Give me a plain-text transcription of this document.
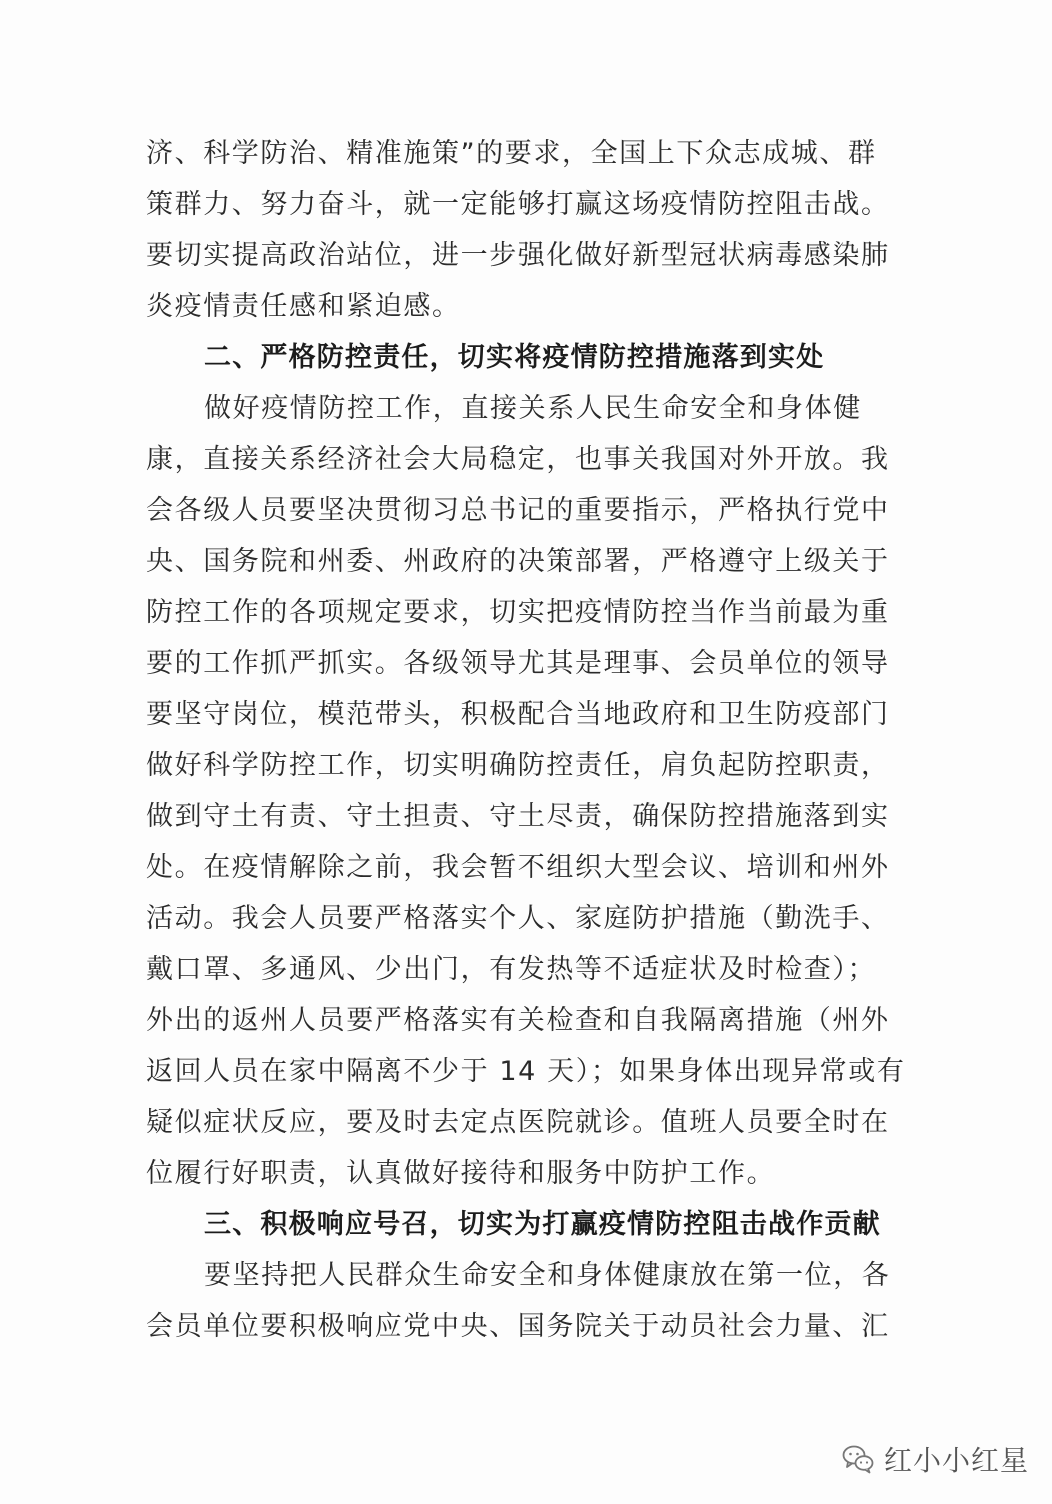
济、科学防治、精准施策”的要求，全国上下众志成城、群
策群力、努力奋斗，就一定能够打赢这场疫情防控阻击战。
要切实提高政治站位，进一步强化做好新型冠状病毒感染肺
炎疫情责任感和紧迫感。
二、严格防控责任，切实将疫情防控措施落到实处
做好疫情防控工作，直接关系人民生命安全和身体健
康，直接关系经济社会大局稳定，也事关我国对外开放。我
会各级人员要坚决贯彻习总书记的重要指示，严格执行党中
央、国务院和州委、州政府的决策部署，严格遵守上级关于
防控工作的各项规定要求，切实把疫情防控当作当前最为重
要的工作抓严抓实。各级领导尤其是理事、会员单位的领导
要坚守岗位，模范带头，积极配合当地政府和卫生防疫部门
做好科学防控工作，切实明确防控责任，肩负起防控职责，
做到守土有责、守土担责、守土尽责，确保防控措施落到实
处。在疫情解除之前，我会暂不组织大型会议、培训和州外
活动。我会人员要严格落实个人、家庭防护措施（勤洗手、
戴口罩、多通风、少出门，有发热等不适症状及时检查）；
外出的返州人员要严格落实有关检查和自我隔离措施（州外
返回人员在家中隔离不少于 14 天）；如果身体出现异常或有
疑似症状反应，要及时去定点医院就诊。值班人员要全时在
位履行好职责，认真做好接待和服务中防护工作。
三、积极响应号召，切实为打赢疫情防控阻击战作贡献
要坚持把人民群众生命安全和身体健康放在第一位，各
会员单位要积极响应党中央、国务院关于动员社会力量、汇
红小小红星
